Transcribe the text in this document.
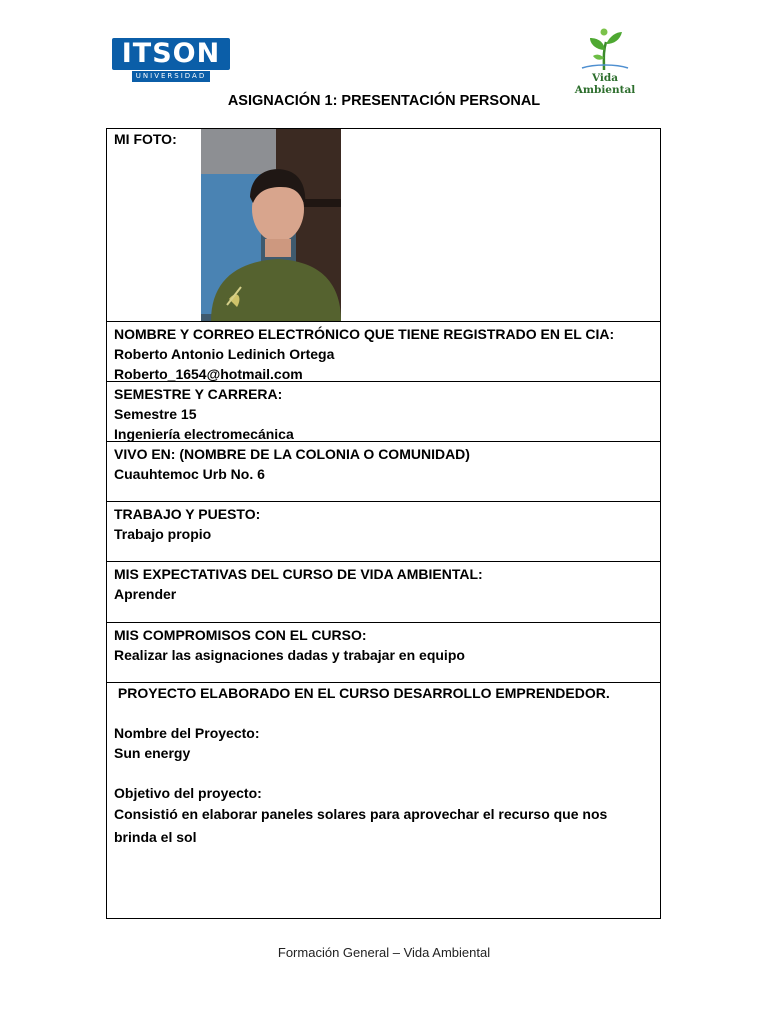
ITSON
UNIVERSIDAD	Vida Ambiental
ASIGNACIÓN 1: PRESENTACIÓN PERSONAL
MI FOTO:
NOMBRE Y CORREO ELECTRÓNICO QUE TIENE REGISTRADO EN EL CIA:
Roberto Antonio Ledinich Ortega
Roberto_1654@hotmail.com
SEMESTRE Y CARRERA:
Semestre 15
Ingeniería electromecánica
VIVO EN: (NOMBRE DE LA COLONIA O COMUNIDAD)
Cuauhtemoc Urb No. 6
TRABAJO Y PUESTO:
Trabajo propio
MIS EXPECTATIVAS DEL CURSO DE VIDA AMBIENTAL:
Aprender
MIS COMPROMISOS CON EL CURSO:
Realizar las asignaciones dadas y trabajar en equipo
PROYECTO ELABORADO EN EL CURSO DESARROLLO EMPRENDEDOR.
Nombre del Proyecto:
Sun energy
Objetivo del proyecto:
Consistió en elaborar paneles solares para aprovechar el recurso que nos brinda el sol
Formación General – Vida Ambiental
